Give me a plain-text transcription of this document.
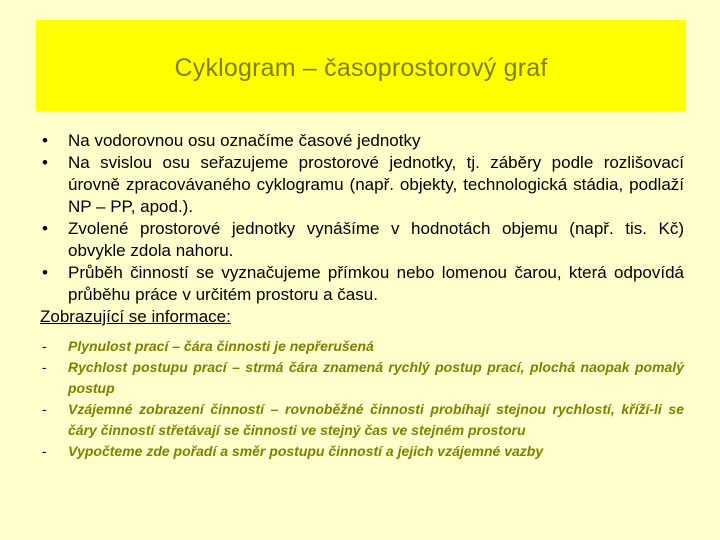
Cyklogram – časoprostorový graf
• Na vodorovnou osu označíme časové jednotky
• Na svislou osu seřazujeme prostorové jednotky, tj. záběry podle rozlišovací úrovně zpracovávaného cyklogramu (např. objekty, technologická stádia, podlaží NP – PP, apod.).
• Zvolené prostorové jednotky vynášíme v hodnotách objemu (např. tis. Kč) obvykle zdola nahoru.
• Průběh činností se vyznačujeme přímkou nebo lomenou čarou, která odpovídá průběhu práce v určitém prostoru a času.
Zobrazující se informace:
- Plynulost prací – čára činnosti je nepřerušená
- Rychlost postupu prací – strmá čára znamená rychlý postup prací, plochá naopak pomalý postup
- Vzájemné zobrazení činností – rovnoběžné činnosti probíhají stejnou rychlostí, kříží-li se čáry činností střetávají se činnosti ve stejný čas ve stejném prostoru
- Vypočteme zde pořadí a směr postupu činností a jejich vzájemné vazby
